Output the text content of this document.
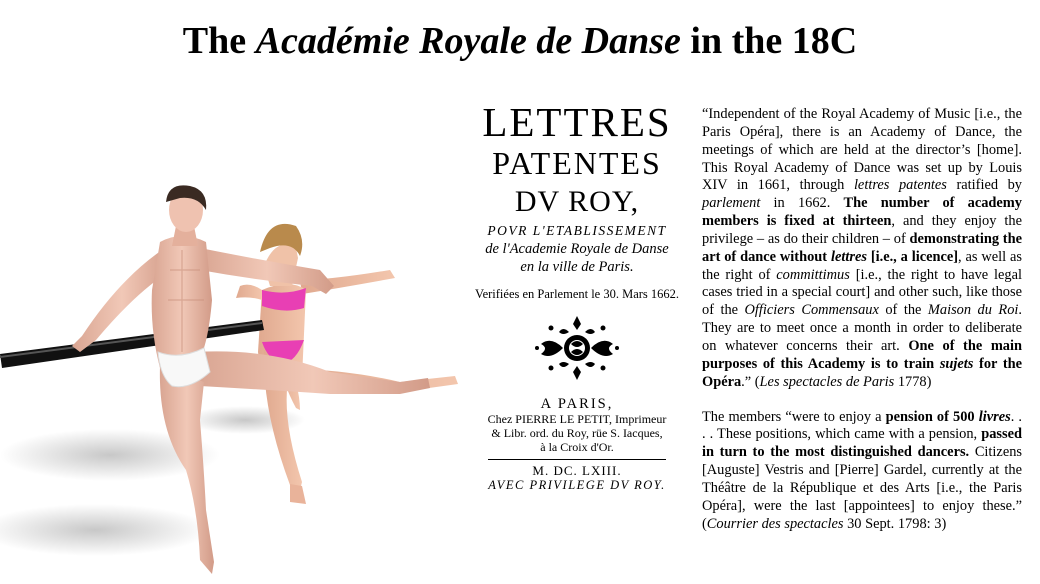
The Académie Royale de Danse in the 18C
LETTRES
PATENTES
DV ROY,
POVR L'ETABLISSEMENT
de l'Academie Royale de Danse
en la ville de Paris.
Verifiées en Parlement le 30. Mars 1662.
A PARIS,
Chez PIERRE LE PETIT, Imprimeur
& Libr. ord. du Roy, rüe S. Iacques,
à la Croix d'Or.
M. DC. LXIII.
AVEC PRIVILEGE DV ROY.

“Independent of the Royal Academy of Music [i.e., the Paris Opéra], there is an Academy of Dance, the meetings of which are held at the director’s [home]. This Royal Academy of Dance was set up by Louis XIV in 1661, through lettres patentes ratified by parlement in 1662. The number of academy members is fixed at thirteen, and they enjoy the privilege – as do their children – of demonstrating the art of dance without lettres [i.e., a licence], as well as the right of committimus [i.e., the right to have legal cases tried in a special court] and other such, like those of the Officiers Commensaux of the Maison du Roi. They are to meet once a month in order to deliberate on whatever concerns their art. One of the main purposes of this Academy is to train sujets for the Opéra.” (Les spectacles de Paris 1778)

The members “were to enjoy a pension of 500 livres. . . . These positions, which came with a pension, passed in turn to the most distinguished dancers. Citizens [Auguste] Vestris and [Pierre] Gardel, currently at the Théâtre de la République et des Arts [i.e., the Paris Opéra], were the last [appointees] to enjoy these.” (Courrier des spectacles 30 Sept. 1798: 3)
